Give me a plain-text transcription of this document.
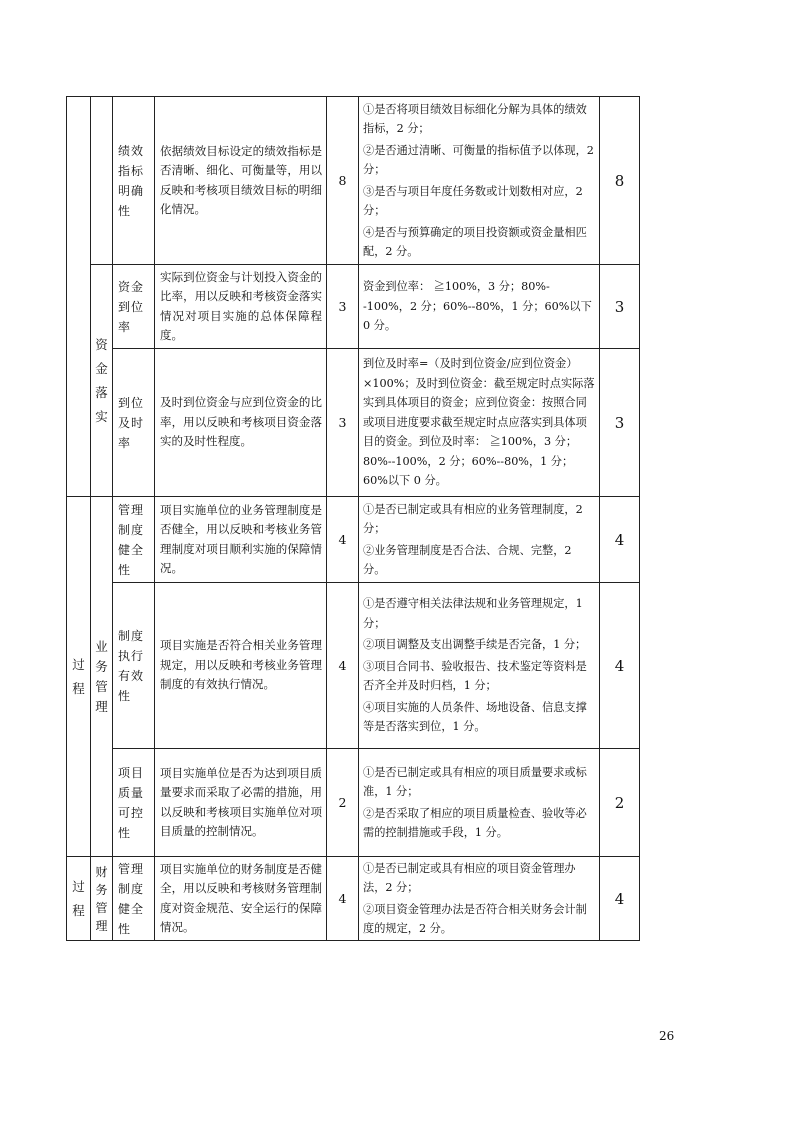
		绩效指标明确性	依据绩效目标设定的绩效指标是否清晰、细化、可衡量等，用以反映和考核项目绩效目标的明细化情况。	8	①是否将项目绩效目标细化分解为具体的绩效指标，2 分；

②是否通过清晰、可衡量的指标值予以体现，2 分；

③是否与项目年度任务数或计划数相对应，2 分；

④是否与预算确定的项目投资额或资金量相匹配，2 分。	8

	资金落实	资金到位率	实际到位资金与计划投入资金的比率，用以反映和考核资金落实情况对项目实施的总体保障程度。	3	资金到位率： ≧100%，3 分；80%--100%，2 分；60%--80%，1 分；60%以下 0 分。	3
		到位及时率	及时到位资金与应到位资金的比率，用以反映和考核项目资金落实的及时性程度。	3	到位及时率=（及时到位资金/应到位资金）×100%；及时到位资金：截至规定时点实际落实到具体项目的资金；应到位资金：按照合同或项目进度要求截至规定时点应落实到具体项目的资金。到位及时率： ≧100%，3 分；80%--100%，2 分；60%--80%，1 分；60%以下 0 分。	3

过程	业务管理	管理制度健全性	项目实施单位的业务管理制度是否健全，用以反映和考核业务管理制度对项目顺利实施的保障情况。	4	①是否已制定或具有相应的业务管理制度，2 分；

②业务管理制度是否合法、合规、完整，2 分。	4
		制度执行有效性	项目实施是否符合相关业务管理规定，用以反映和考核业务管理制度的有效执行情况。	4	①是否遵守相关法律法规和业务管理规定，1 分；

②项目调整及支出调整手续是否完备，1 分；

③项目合同书、验收报告、技术鉴定等资料是否齐全并及时归档，1 分；

④项目实施的人员条件、场地设备、信息支撑等是否落实到位，1 分。	4
		项目质量可控性	项目实施单位是否为达到项目质量要求而采取了必需的措施，用以反映和考核项目实施单位对项目质量的控制情况。	2	①是否已制定或具有相应的项目质量要求或标准，1 分；

②是否采取了相应的项目质量检查、验收等必需的控制措施或手段，1 分。	2

过程	财务管理	管理制度健全性	项目实施单位的财务制度是否健全，用以反映和考核财务管理制度对资金规范、安全运行的保障情况。	4	①是否已制定或具有相应的项目资金管理办法，2 分；

②项目资金管理办法是否符合相关财务会计制度的规定，2 分。	4
26
